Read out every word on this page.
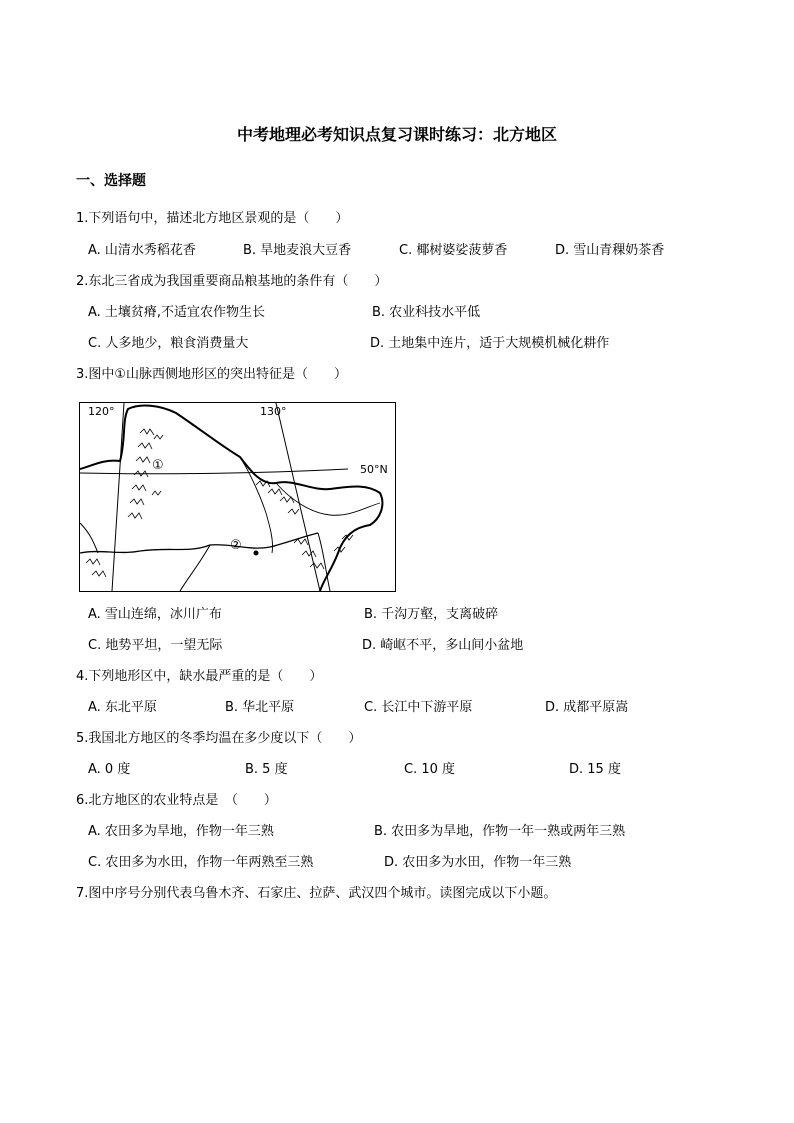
中考地理必考知识点复习课时练习：北方地区
一、选择题
1.下列语句中，描述北方地区景观的是（　　）
A. 山清水秀稻花香	B. 旱地麦浪大豆香	C. 椰树婆娑菠萝香	D. 雪山青稞奶茶香
2.东北三省成为我国重要商品粮基地的条件有（　　）
A. 土壤贫瘠,不适宜农作物生长	B. 农业科技水平低
C. 人多地少，粮食消费量大	D. 土地集中连片，适于大规模机械化耕作
3.图中①山脉西侧地形区的突出特征是（　　）
120°	130°
50°N
①
②
A. 雪山连绵，冰川广布	B. 千沟万壑，支离破碎
C. 地势平坦，一望无际	D. 崎岖不平，多山间小盆地
4.下列地形区中，缺水最严重的是（　　）
A. 东北平原	B. 华北平原	C. 长江中下游平原	D. 成都平原嵩
5.我国北方地区的冬季均温在多少度以下（　　）
A. 0 度	B. 5 度	C. 10 度	D. 15 度
6.北方地区的农业特点是　（　　）
A. 农田多为旱地，作物一年三熟	B. 农田多为旱地，作物一年一熟或两年三熟
C. 农田多为水田，作物一年两熟至三熟	D. 农田多为水田，作物一年三熟
7.图中序号分别代表乌鲁木齐、石家庄、拉萨、武汉四个城市。读图完成以下小题。
